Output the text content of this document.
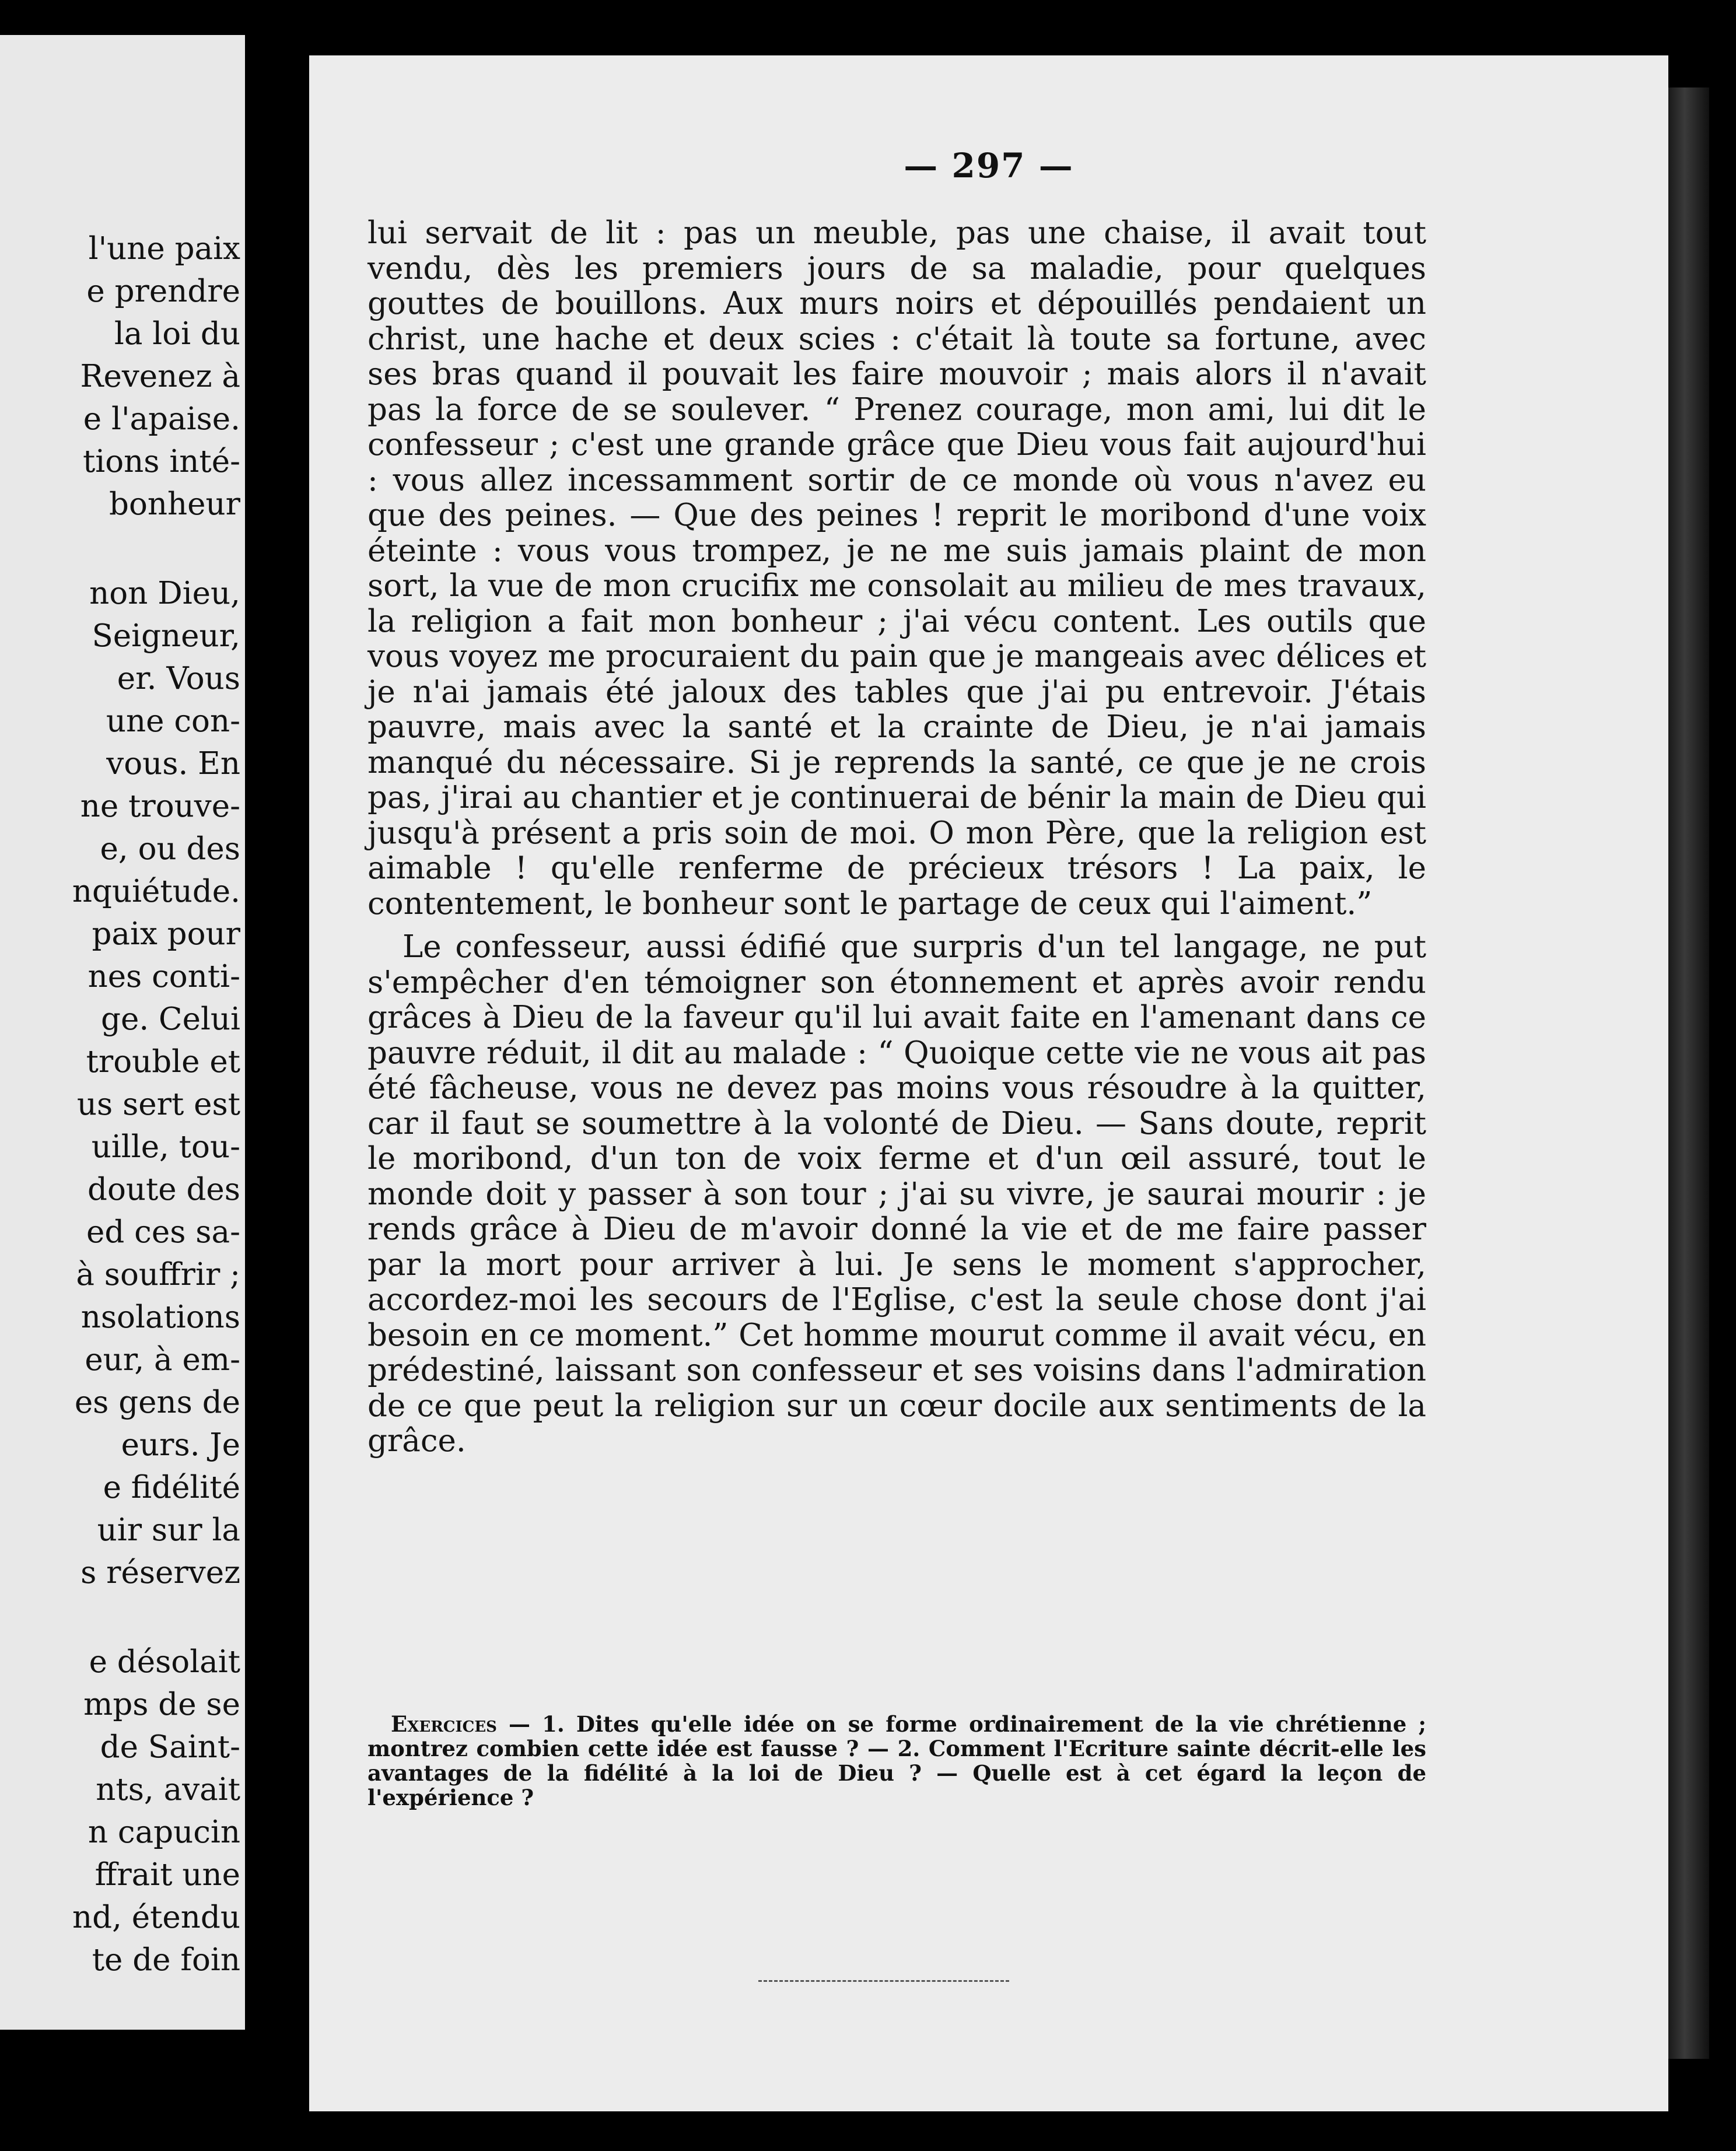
l'une paix
e prendre
la loi du
Revenez à
e l'apaise.
tions inté-
bonheur
non Dieu,
Seigneur,
er. Vous
une con-
vous. En
ne trouve-
e, ou des
nquiétude.
paix pour
nes conti-
ge. Celui
trouble et
us sert est
uille, tou-
doute des
ed ces sa-
à souffrir ;
nsolations
eur, à em-
es gens de
eurs. Je
e fidélité
uir sur la
s réservez
e désolait
mps de se
de Saint-
nts, avait
n capucin
ffrait une
nd, étendu
te de foin
— 297 —

lui servait de lit : pas un meuble, pas une chaise, il avait tout vendu, dès les premiers jours de sa maladie, pour quelques gouttes de bouillons. Aux murs noirs et dépouillés pendaient un christ, une hache et deux scies : c'était là toute sa fortune, avec ses bras quand il pouvait les faire mouvoir ; mais alors il n'avait pas la force de se soulever. “ Prenez courage, mon ami, lui dit le confesseur ; c'est une grande grâce que Dieu vous fait aujourd'hui : vous allez incessamment sortir de ce monde où vous n'avez eu que des peines. — Que des peines ! reprit le moribond d'une voix éteinte : vous vous trompez, je ne me suis jamais plaint de mon sort, la vue de mon crucifix me consolait au milieu de mes travaux, la religion a fait mon bonheur ; j'ai vécu content. Les outils que vous voyez me procuraient du pain que je mangeais avec délices et je n'ai jamais été jaloux des tables que j'ai pu entrevoir. J'étais pauvre, mais avec la santé et la crainte de Dieu, je n'ai jamais manqué du nécessaire. Si je reprends la santé, ce que je ne crois pas, j'irai au chantier et je continuerai de bénir la main de Dieu qui jusqu'à présent a pris soin de moi. O mon Père, que la religion est aimable ! qu'elle renferme de précieux trésors ! La paix, le contentement, le bonheur sont le partage de ceux qui l'aiment.”

Le confesseur, aussi édifié que surpris d'un tel langage, ne put s'empêcher d'en témoigner son étonnement et après avoir rendu grâces à Dieu de la faveur qu'il lui avait faite en l'amenant dans ce pauvre réduit, il dit au malade : “ Quoique cette vie ne vous ait pas été fâcheuse, vous ne devez pas moins vous résoudre à la quitter, car il faut se soumettre à la volonté de Dieu. — Sans doute, reprit le moribond, d'un ton de voix ferme et d'un œil assuré, tout le monde doit y passer à son tour ; j'ai su vivre, je saurai mourir : je rends grâce à Dieu de m'avoir donné la vie et de me faire passer par la mort pour arriver à lui. Je sens le moment s'approcher, accordez-moi les secours de l'Eglise, c'est la seule chose dont j'ai besoin en ce moment.” Cet homme mourut comme il avait vécu, en prédestiné, laissant son confesseur et ses voisins dans l'admiration de ce que peut la religion sur un cœur docile aux sentiments de la grâce.

Exercices — 1. Dites qu'elle idée on se forme ordinairement de la vie chrétienne ; montrez combien cette idée est fausse ? — 2. Comment l'Ecriture sainte décrit-elle les avantages de la fidélité à la loi de Dieu ? — Quelle est à cet égard la leçon de l'expérience ?
